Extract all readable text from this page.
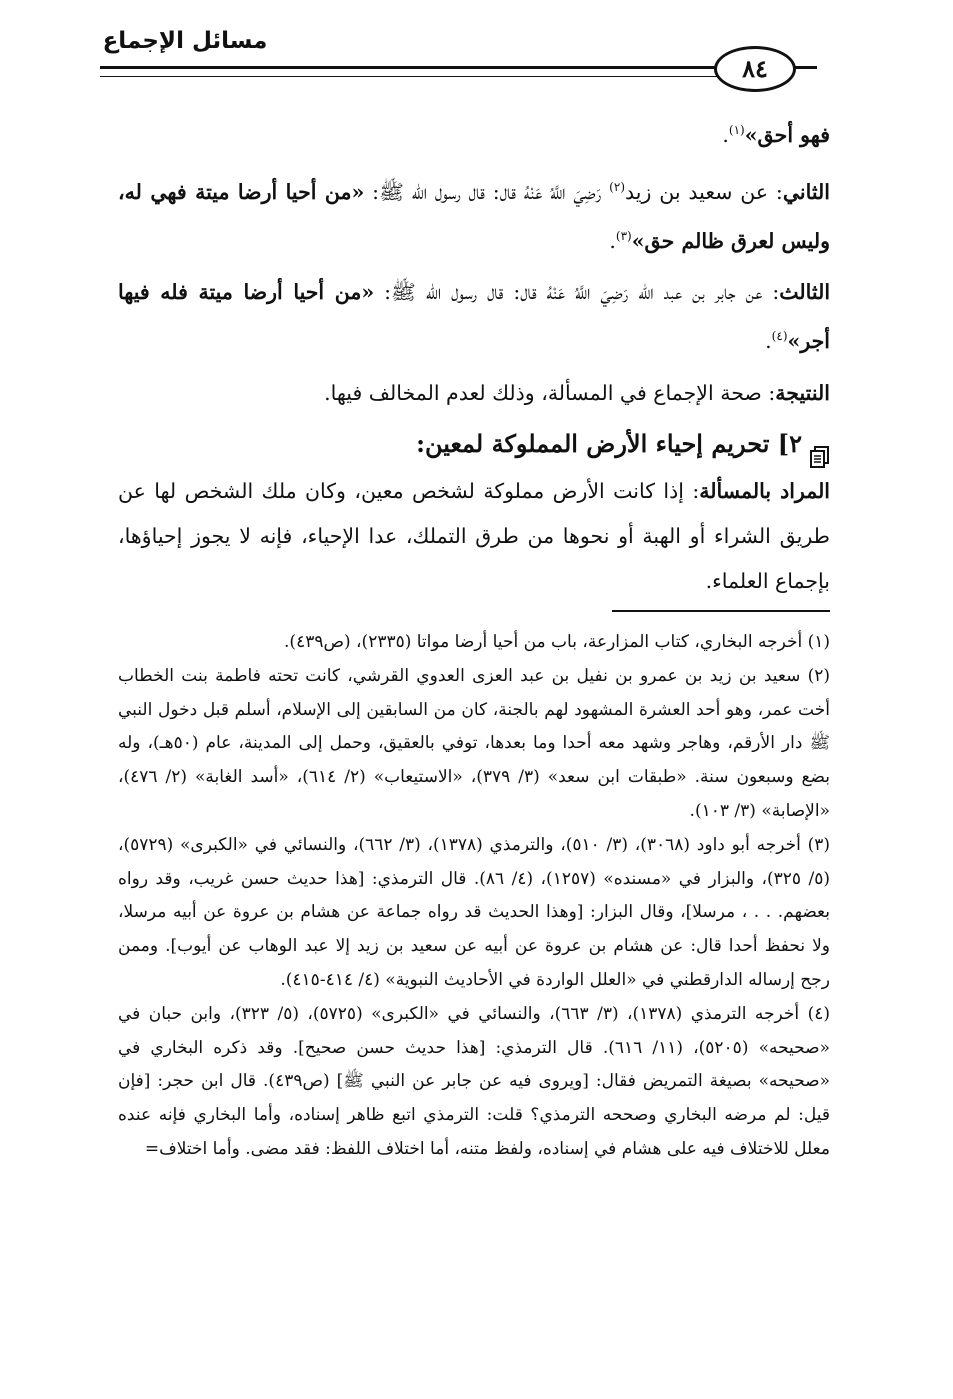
مسائل الإجماع
٨٤

فهو أحق»$^{(١)}$.

الثاني: عن سعيد بن زيد$^{(٢)}$ رَضِيَ اللَّهُ عَنْهُ قال: قال رسول الله ﷺ: «من أحيا أرضا ميتة فهي له، وليس لعرق ظالم حق»$^{(٣)}$.

الثالث: عن جابر بن عبد الله رَضِيَ اللَّهُ عَنْهُ قال: قال رسول الله ﷺ: «من أحيا أرضا ميتة فله فيها أجر»$^{(٤)}$.

النتيجة: صحة الإجماع في المسألة، وذلك لعدم المخالف فيها.

٢] تحريم إحياء الأرض المملوكة لمعين:

المراد بالمسألة: إذا كانت الأرض مملوكة لشخص معين، وكان ملك الشخص لها عن طريق الشراء أو الهبة أو نحوها من طرق التملك، عدا الإحياء، فإنه لا يجوز إحياؤها، بإجماع العلماء.

(١) أخرجه البخاري، كتاب المزارعة، باب من أحيا أرضا مواتا (٢٣٣٥)، (ص٤٣٩).

(٢) سعيد بن زيد بن عمرو بن نفيل بن عبد العزى العدوي القرشي، كانت تحته فاطمة بنت الخطاب أخت عمر، وهو أحد العشرة المشهود لهم بالجنة، كان من السابقين إلى الإسلام، أسلم قبل دخول النبي ﷺ دار الأرقم، وهاجر وشهد معه أحدا وما بعدها، توفي بالعقيق، وحمل إلى المدينة، عام (٥٠هـ)، وله بضع وسبعون سنة. «طبقات ابن سعد» (٣/ ٣٧٩)، «الاستيعاب» (٢/ ٦١٤)، «أسد الغابة» (٢/ ٤٧٦)، «الإصابة» (٣/ ١٠٣).

(٣) أخرجه أبو داود (٣٠٦٨)، (٣/ ٥١٠)، والترمذي (١٣٧٨)، (٣/ ٦٦٢)، والنسائي في «الكبرى» (٥٧٢٩)، (٥/ ٣٢٥)، والبزار في «مسنده» (١٢٥٧)، (٤/ ٨٦). قال الترمذي: [هذا حديث حسن غريب، وقد رواه بعضهم. . . ، مرسلا]، وقال البزار: [وهذا الحديث قد رواه جماعة عن هشام بن عروة عن أبيه مرسلا، ولا نحفظ أحدا قال: عن هشام بن عروة عن أبيه عن سعيد بن زيد إلا عبد الوهاب عن أيوب]. وممن رجح إرساله الدارقطني في «العلل الواردة في الأحاديث النبوية» (٤/ ٤١٤-٤١٥).

(٤) أخرجه الترمذي (١٣٧٨)، (٣/ ٦٦٣)، والنسائي في «الكبرى» (٥٧٢٥)، (٥/ ٣٢٣)، وابن حبان في «صحيحه» (٥٢٠٥)، (١١/ ٦١٦). قال الترمذي: [هذا حديث حسن صحيح]. وقد ذكره البخاري في «صحيحه» بصيغة التمريض فقال: [ويروى فيه عن جابر عن النبي ﷺ] (ص٤٣٩). قال ابن حجر: [فإن قيل: لم مرضه البخاري وصححه الترمذي؟ قلت: الترمذي اتبع ظاهر إسناده، وأما البخاري فإنه عنده معلل للاختلاف فيه على هشام في إسناده، ولفظ متنه، أما اختلاف اللفظ: فقد مضى. وأما اختلاف=
